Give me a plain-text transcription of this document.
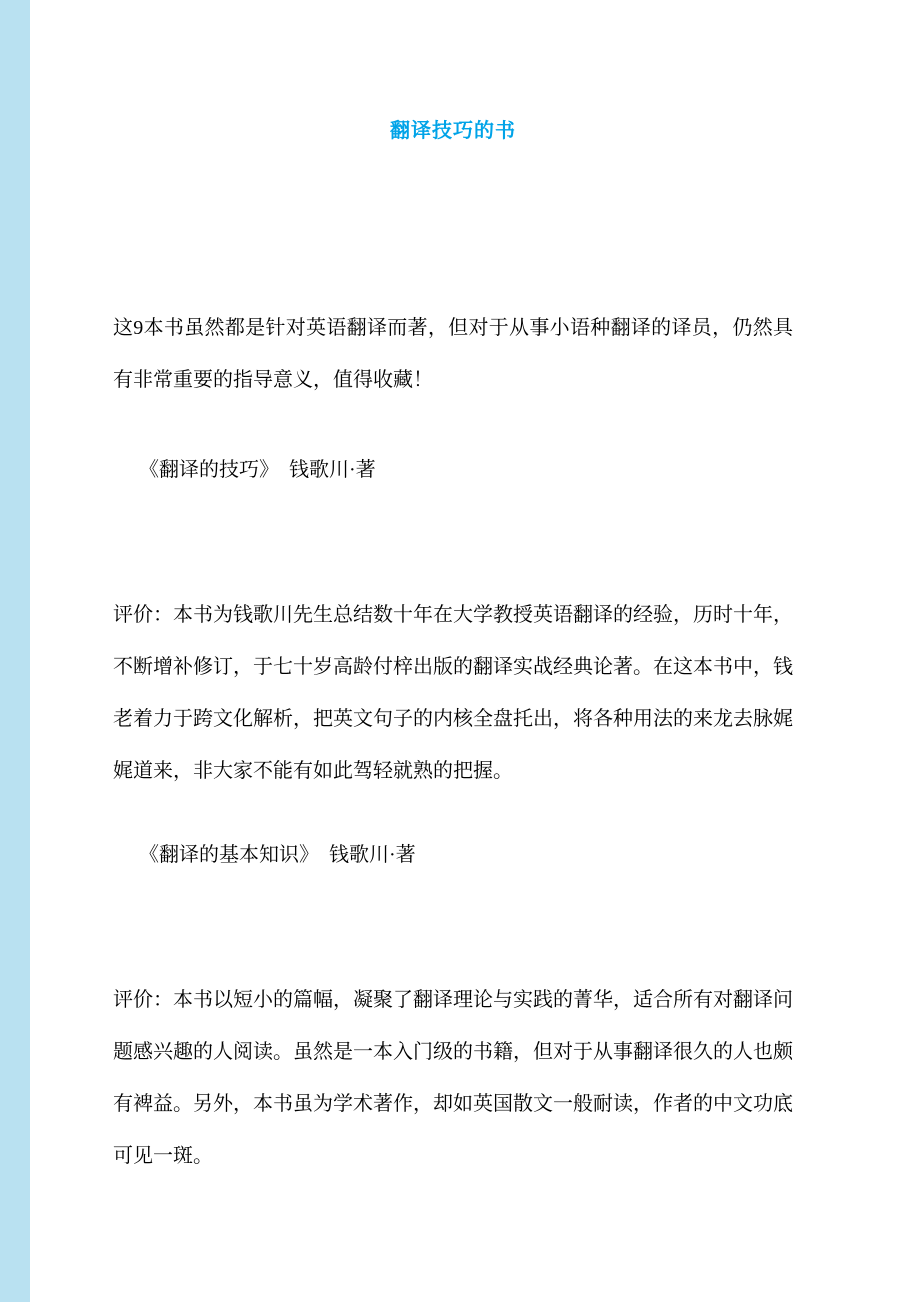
翻译技巧的书

这9本书虽然都是针对英语翻译而著，但对于从事小语种翻译的译员，仍然具有非常重要的指导意义，值得收藏！

《翻译的技巧》　钱歌川·著

评价：本书为钱歌川先生总结数十年在大学教授英语翻译的经验，历时十年，不断增补修订，于七十岁高龄付梓出版的翻译实战经典论著。在这本书中，钱老着力于跨文化解析，把英文句子的内核全盘托出，将各种用法的来龙去脉娓娓道来，非大家不能有如此驾轻就熟的把握。

《翻译的基本知识》　钱歌川·著

评价：本书以短小的篇幅，凝聚了翻译理论与实践的菁华，适合所有对翻译问题感兴趣的人阅读。虽然是一本入门级的书籍，但对于从事翻译很久的人也颇有裨益。另外，本书虽为学术著作，却如英国散文一般耐读，作者的中文功底可见一斑。
